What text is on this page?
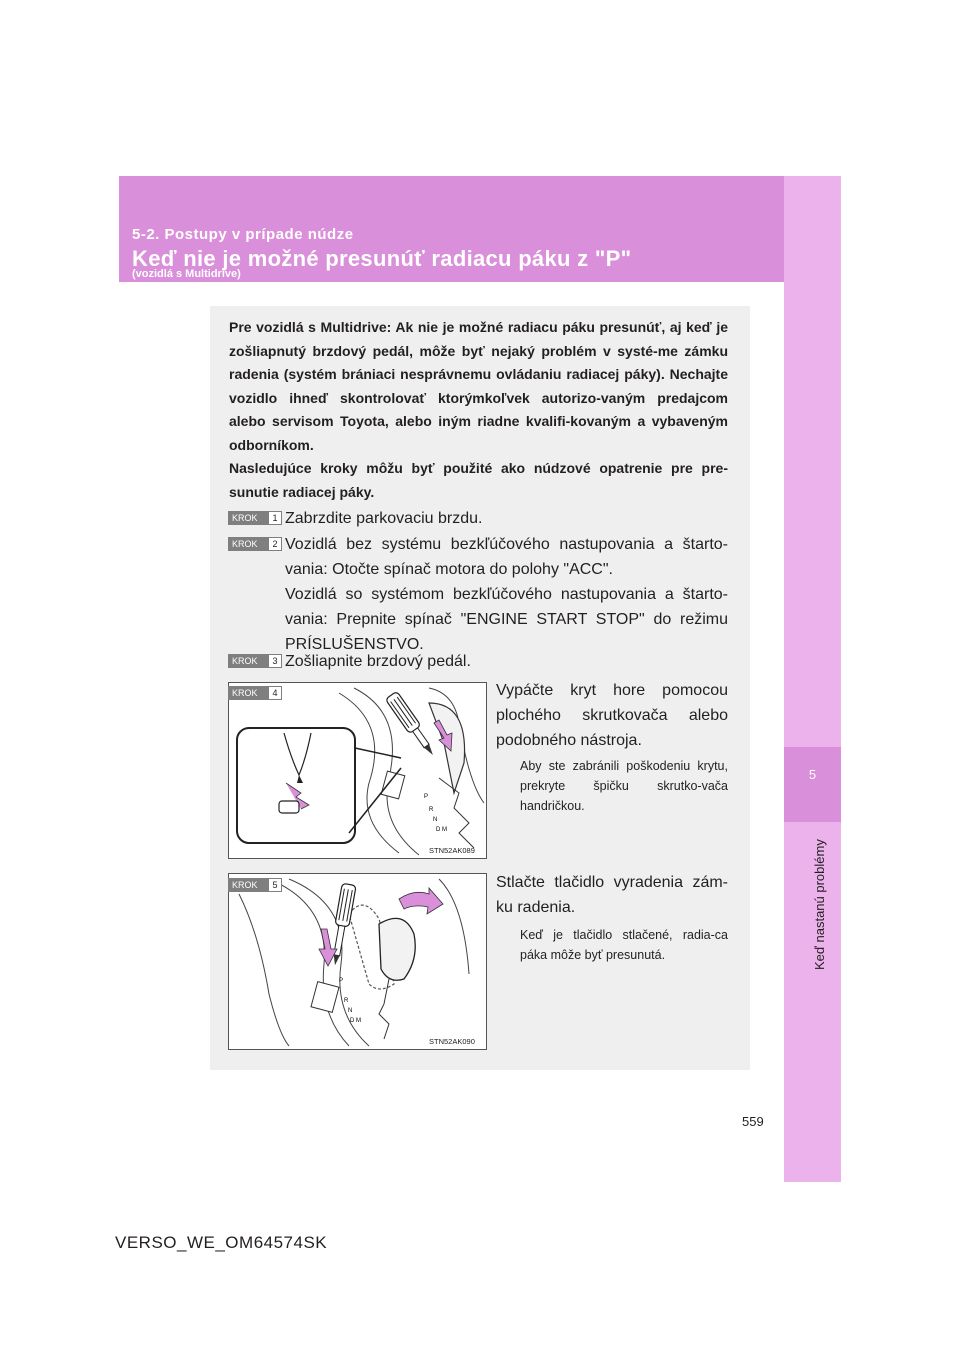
5
Keď nastanú problémy
5-2. Postupy v prípade núdze
Keď nie je možné presunúť radiacu páku z "P"
(vozidlá s Multidrive)

Pre vozidlá s Multidrive: Ak nie je možné radiacu páku presunúť, aj keď je zošliapnutý brzdový pedál, môže byť nejaký problém v systé-me zámku radenia (systém brániaci nesprávnemu ovládaniu radiacej páky). Nechajte vozidlo ihneď skontrolovať ktorýmkoľvek autorizo-vaným predajcom alebo servisom Toyota, alebo iným riadne kvalifi-kovaným a vybaveným odborníkom.

Nasledujúce kroky môžu byť použité ako núdzové opatrenie pre pre-sunutie radiacej páky.

KROK	1 Zabrzdite parkovaciu brzdu.

KROK	2 Vozidlá bez systému bezkľúčového nastupovania a štarto-vania: Otočte spínač motora do polohy "ACC".

Vozidlá so systémom bezkľúčového nastupovania a štarto-vania: Prepnite spínač "ENGINE START STOP" do režimu PRÍSLUŠENSTVO.

KROK	3 Zošliapnite brzdový pedál.

P
R
N
D M
STN52AK089
KROK	4	Vypáčte kryt hore pomocou plochého skrutkovača alebo podobného nástroja.
Aby ste zabránili poškodeniu krytu, prekryte špičku skrutko-vača handričkou.
P
R
N
D M
STN52AK090
KROK	5	Stlačte tlačidlo vyradenia zám-ku radenia.
Keď je tlačidlo stlačené, radia-ca páka môže byť presunutá.
559
VERSO_WE_OM64574SK
